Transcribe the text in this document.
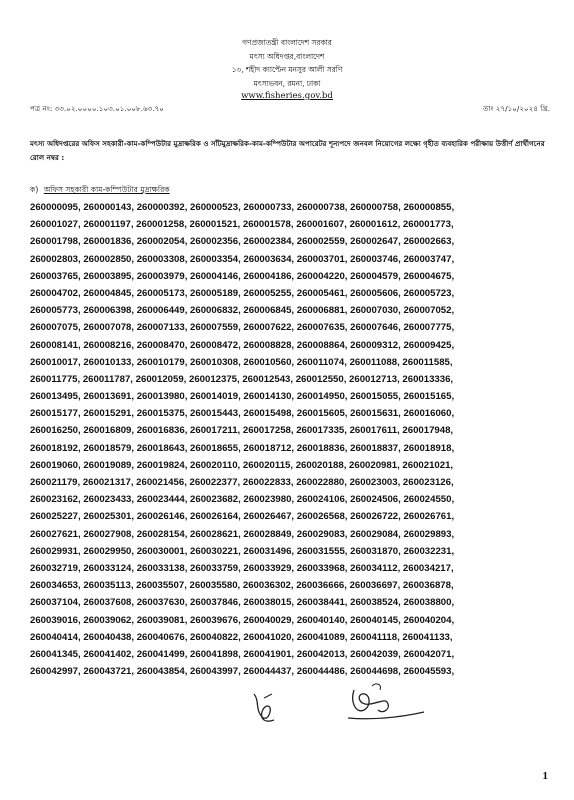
গণপ্রজাতন্ত্রী বাংলাদেশ সরকার
মৎস্য অধিদপ্তর,বাংলাদেশ
১৩, শহীদ ক্যাপ্টেন মনসুর আলী সরণি
মৎস্যভবন, রমনা, ঢাকা
www.fisheries.gov.bd
পত্র নং: ৩৩.০২.০০০০.১০৩.০১.০০৮.৬৩.৭০	তাং ২৭/১০/২০২৪ খ্রি.
মৎস্য অধিদপ্তরের অফিস সহকারী-কাম-কম্পিউটার মুদ্রাক্ষরিক ও সাঁটমুদ্রাক্ষরিক-কাম-কম্পিউটার অপারেটর শূন্যপদে জনবল নিয়োগের লক্ষ্যে গৃহীত ব্যবহারিক পরীক্ষায় উত্তীর্ণ প্রার্থীগনের রোল নম্বর :
ক) অফিস সহকারী কাম-কম্পিউটার মুদ্রাক্ষরিক
260000095, 260000143, 260000392, 260000523, 260000733, 260000738, 260000758, 260000855,
260001027, 260001197, 260001258, 260001521, 260001578, 260001607, 260001612, 260001773,
260001798, 260001836, 260002054, 260002356, 260002384, 260002559, 260002647, 260002663,
260002803, 260002850, 260003308, 260003354, 260003634, 260003701, 260003746, 260003747,
260003765, 260003895, 260003979, 260004146, 260004186, 260004220, 260004579, 260004675,
260004702, 260004845, 260005173, 260005189, 260005255, 260005461, 260005606, 260005723,
260005773, 260006398, 260006449, 260006832, 260006845, 260006881, 260007030, 260007052,
260007075, 260007078, 260007133, 260007559, 260007622, 260007635, 260007646, 260007775,
260008141, 260008216, 260008470, 260008472, 260008828, 260008864, 260009312, 260009425,
260010017, 260010133, 260010179, 260010308, 260010560, 260011074, 260011088, 260011585,
260011775, 260011787, 260012059, 260012375, 260012543, 260012550, 260012713, 260013336,
260013495, 260013691, 260013980, 260014019, 260014130, 260014950, 260015055, 260015165,
260015177, 260015291, 260015375, 260015443, 260015498, 260015605, 260015631, 260016060,
260016250, 260016809, 260016836, 260017211, 260017258, 260017335, 260017611, 260017948,
260018192, 260018579, 260018643, 260018655, 260018712, 260018836, 260018837, 260018918,
260019060, 260019089, 260019824, 260020110, 260020115, 260020188, 260020981, 260021021,
260021179, 260021317, 260021456, 260022377, 260022833, 260022880, 260023003, 260023126,
260023162, 260023433, 260023444, 260023682, 260023980, 260024106, 260024506, 260024550,
260025227, 260025301, 260026146, 260026164, 260026467, 260026568, 260026722, 260026761,
260027621, 260027908, 260028154, 260028621, 260028849, 260029083, 260029084, 260029893,
260029931, 260029950, 260030001, 260030221, 260031496, 260031555, 260031870, 260032231,
260032719, 260033124, 260033138, 260033759, 260033929, 260033968, 260034112, 260034217,
260034653, 260035113, 260035507, 260035580, 260036302, 260036666, 260036697, 260036878,
260037104, 260037608, 260037630, 260037846, 260038015, 260038441, 260038524, 260038800,
260039016, 260039062, 260039081, 260039676, 260040029, 260040140, 260040145, 260040204,
260040414, 260040438, 260040676, 260040822, 260041020, 260041089, 260041118, 260041133,
260041345, 260041402, 260041499, 260041898, 260041901, 260042013, 260042039, 260042071,
260042997, 260043721, 260043854, 260043997, 260044437, 260044486, 260044698, 260045593,
1
